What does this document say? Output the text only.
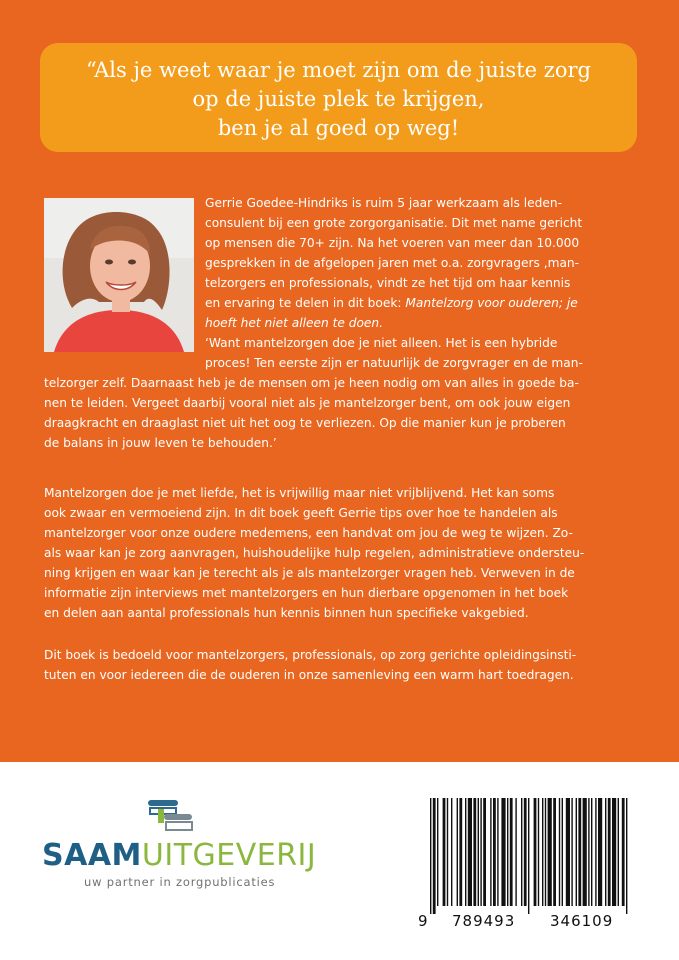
“Als je weet waar je moet zijn om de juiste zorg
op de juiste plek te krijgen,
ben je al goed op weg!
Gerrie Goedee-Hindriks is ruim 5 jaar werkzaam als leden-
consulent bij een grote zorgorganisatie. Dit met name gericht
op mensen die 70+ zijn. Na het voeren van meer dan 10.000
gesprekken in de afgelopen jaren met o.a. zorgvragers ,man-
telzorgers en professionals, vindt ze het tijd om haar kennis
en ervaring te delen in dit boek: Mantelzorg voor ouderen; je
hoeft het niet alleen te doen.
‘Want mantelzorgen doe je niet alleen. Het is een hybride
proces! Ten eerste zijn er natuurlijk de zorgvrager en de man-
telzorger zelf. Daarnaast heb je de mensen om je heen nodig om van alles in goede ba-
nen te leiden. Vergeet daarbij vooral niet als je mantelzorger bent, om ook jouw eigen
draagkracht en draaglast niet uit het oog te verliezen. Op die manier kun je proberen
de balans in jouw leven te behouden.’
Mantelzorgen doe je met liefde, het is vrijwillig maar niet vrijblijvend. Het kan soms
ook zwaar en vermoeiend zijn. In dit boek geeft Gerrie tips over hoe te handelen als
mantelzorger voor onze oudere medemens, een handvat om jou de weg te wijzen. Zo-
als waar kan je zorg aanvragen, huishoudelijke hulp regelen, administratieve ondersteu-
ning krijgen en waar kan je terecht als je als mantelzorger vragen heb. Verweven in de
informatie zijn interviews met mantelzorgers en hun dierbare opgenomen in het boek
en delen aan aantal professionals hun kennis binnen hun specifieke vakgebied.
Dit boek is bedoeld voor mantelzorgers, professionals, op zorg gerichte opleidingsinsti-
tuten en voor iedereen die de ouderen in onze samenleving een warm hart toedragen.
SAAMUITGEVERIJ
uw partner in zorgpublicaties
9 789493 346109
